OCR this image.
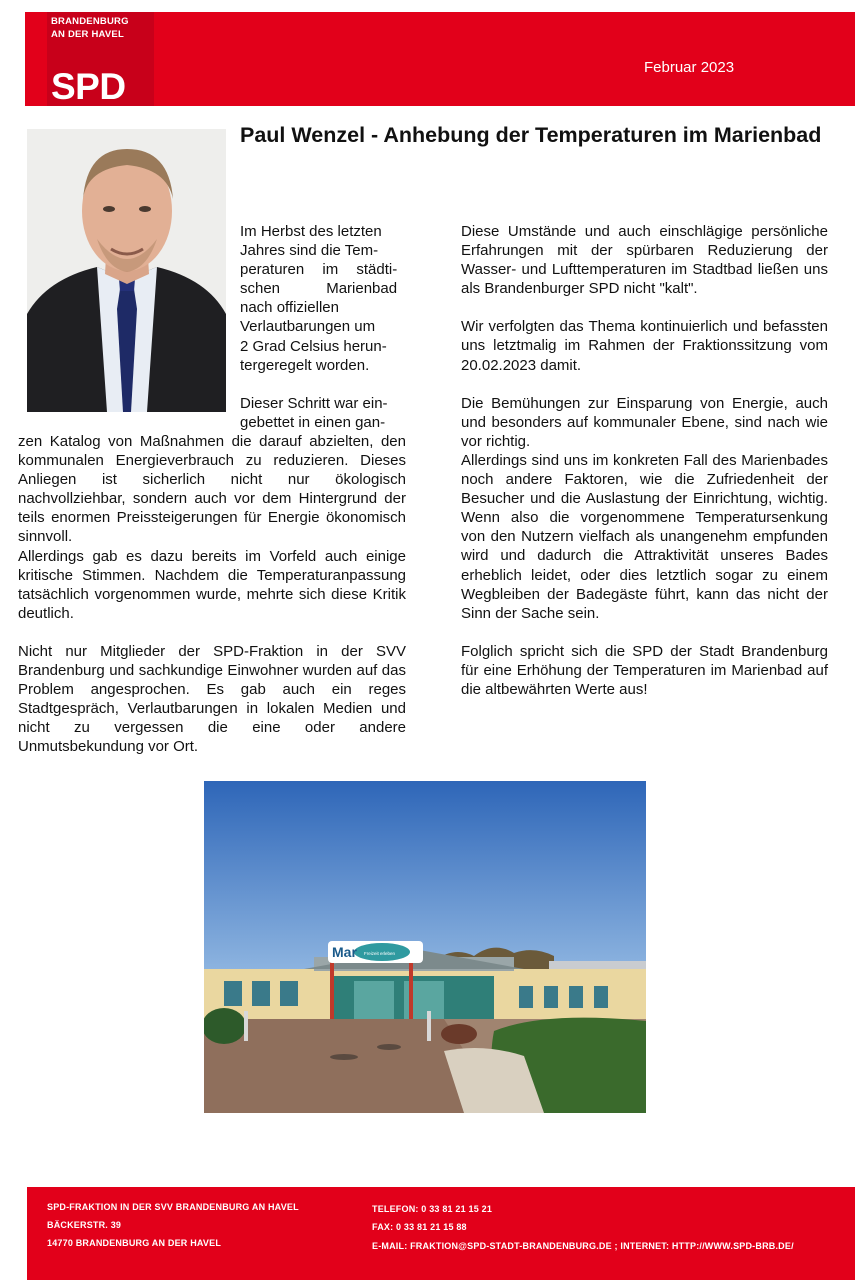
Februar 2023
BRANDENBURG
AN DER HAVEL
SPD
Paul Wenzel - Anhebung der Temperaturen im Marienbad
Im Herbst des letzten
Jahres sind die Tem-
peraturen im städti-
schen Marienbad
nach offiziellen
Verlautbarungen um
2 Grad Celsius herun-
tergeregelt worden.
Dieser Schritt war ein-
gebettet in einen gan-

zen Katalog von Maßnahmen die darauf abzielten, den kommunalen Energieverbrauch zu reduzieren. Dieses Anliegen ist sicherlich nicht nur ökologisch nachvollziehbar, sondern auch vor dem Hintergrund der teils enormen Preissteigerungen für Energie ökonomisch sinnvoll.

Allerdings gab es dazu bereits im Vorfeld auch einige kritische Stimmen. Nachdem die Temperaturanpassung tatsächlich vorgenommen wurde, mehrte sich diese Kritik deutlich.

Nicht nur Mitglieder der SPD-Fraktion in der SVV Brandenburg und sachkundige Einwohner wurden auf das Problem angesprochen. Es gab auch ein reges Stadtgespräch, Verlautbarungen in lokalen Medien und nicht zu vergessen die eine oder andere Unmutsbekundung vor Ort.

Diese Umstände und auch einschlägige persönliche Erfahrungen mit der spürbaren Reduzierung der Wasser- und Lufttemperaturen im Stadtbad ließen uns als Brandenburger SPD nicht "kalt".

Wir verfolgten das Thema kontinuierlich und befassten uns letztmalig im Rahmen der Fraktionssitzung vom 20.02.2023 damit.

Die Bemühungen zur Einsparung von Energie, auch und besonders auf kommunaler Ebene, sind nach wie vor richtig.

Allerdings sind uns im konkreten Fall des Marienbades noch andere Faktoren, wie die Zufriedenheit der Besucher und die Auslastung der Einrichtung, wichtig. Wenn also die vorgenommene Temperatursenkung von den Nutzern vielfach als unangenehm empfunden wird und dadurch die Attraktivität unseres Bades erheblich leidet, oder dies letztlich sogar zu einem Wegbleiben der Badegäste führt, kann das nicht der Sinn der Sache sein.

Folglich spricht sich die SPD der Stadt Brandenburg für eine Erhöhung der Temperaturen im Marienbad auf die altbewährten Werte aus!

Mar Freizeit erleben
SPD-FRAKTION IN DER SVV BRANDENBURG AN HAVEL
BÄCKERSTR. 39
14770 BRANDENBURG AN DER HAVEL
TELEFON: 0 33 81 21 15 21
FAX: 0 33 81 21 15 88
E-MAIL: FRAKTION@SPD-STADT-BRANDENBURG.DE ; INTERNET: HTTP://WWW.SPD-BRB.DE/
